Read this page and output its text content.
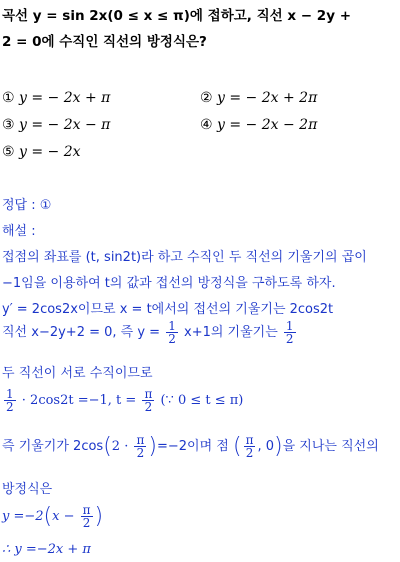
곡선 y = sin 2x(0 ≤ x ≤ π)에 접하고, 직선 x − 2y +
2 = 0에 수직인 직선의 방정식은?
① y = − 2x + π	② y = − 2x + 2π
③ y = − 2x − π	④ y = − 2x − 2π
⑤ y = − 2x
정답 : ①
해설 :
접점의 좌표를 (t, sin2t)라 하고 수직인 두 직선의 기울기의 곱이
−1임을 이용하여 t의 값과 접선의 방정식을 구하도록 하자.
y′ = 2cos2x이므로 x = t에서의 접선의 기울기는 2cos2t
직선 x−2y+2 = 0, 즉 $y = \frac{1}{2} x+1$의 기울기는 $\frac{1}{2}$
두 직선이 서로 수직이므로
$\frac{1}{2} \cdot 2\cos 2t =-1$, $t = \frac{\pi}{2}$ (∵ 0 ≤ t ≤ π)
즉 기울기가 $2\cos(2 \cdot \frac{\pi}{2} )=-2$이며 점 ( $\frac{\pi}{2}$ , 0)을 지나는 직선의
방정식은
$y =-2(x - \frac{\pi}{2}$ )
∴ y =−2x + π
